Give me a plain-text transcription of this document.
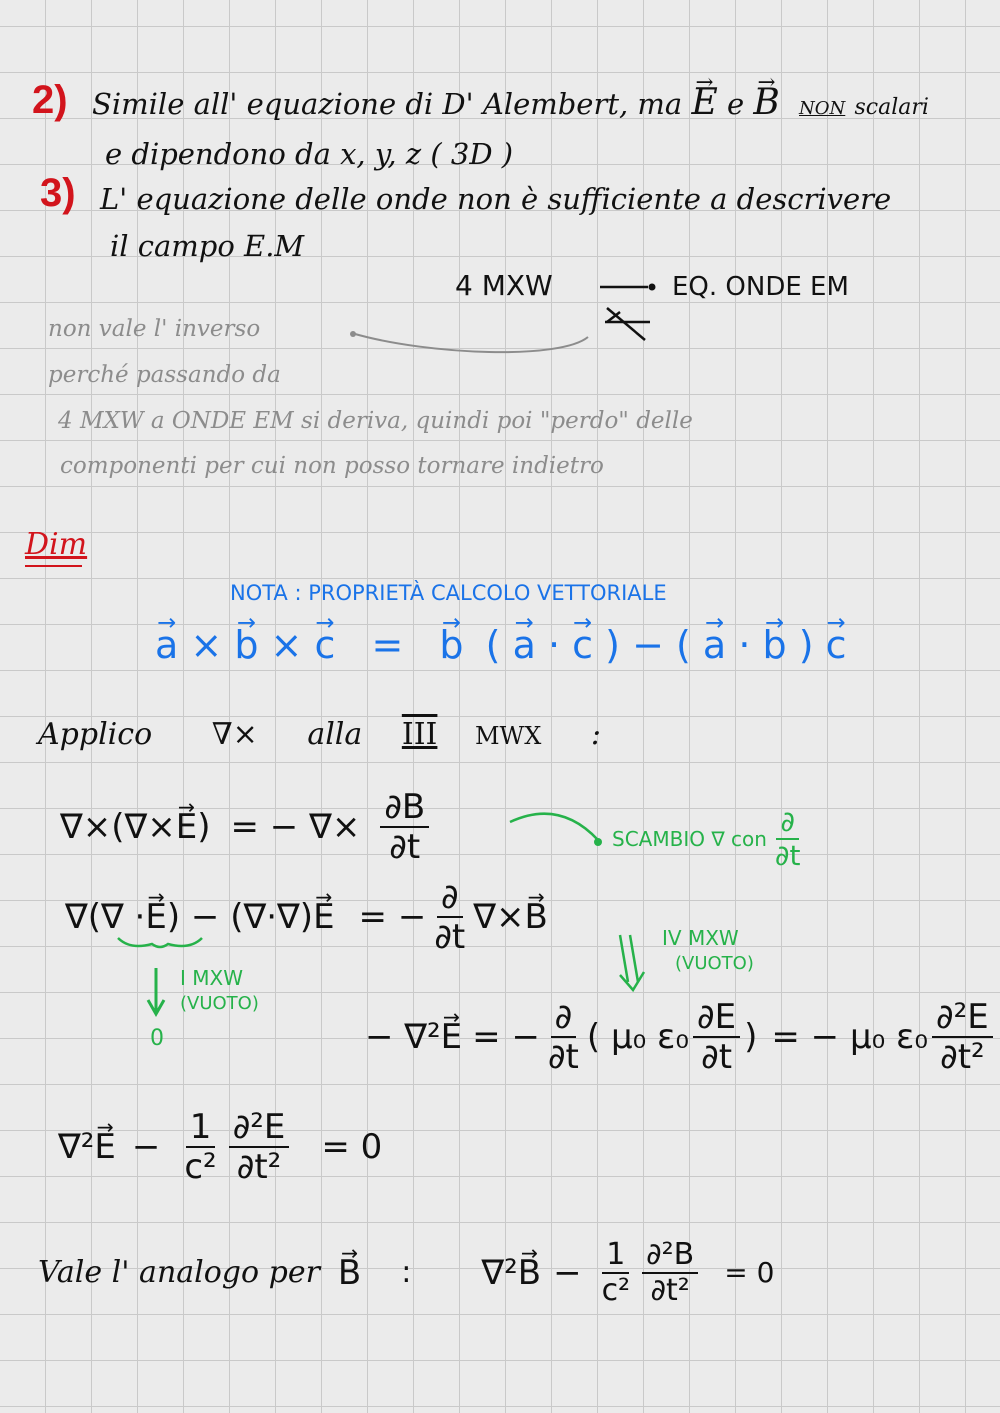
2) Simile all' equazione di D' Alembert, ma → E e → B NON scalari
e dipendono da x, y, z ( 3D )
3) L' equazione delle onde non è sufficiente a descrivere
il campo E.M
4 MXW	EQ. ONDE EM
non vale l' inverso
perché passando da
4 MXW a ONDE EM si deriva, quindi poi "perdo" delle
componenti per cui non posso tornare indietro
Dim
NOTA : PROPRIETÀ CALCOLO VETTORIALE
→ a × → b × → c = → b ( → a · → c ) − ( → a · → b ) → c
Applico ∇× alla III MWX :
∇×(∇× → E ) = − ∇× $\frac{\partial B}{\partial t}$	SCAMBIO ∇ con $\frac{\partial}{\partial t}$
∇(∇ · → E ) − (∇·∇) → E = − $\frac{\partial}{\partial t}$ ∇× → B
I MXW
(VUOTO)
0
IV MXW
(VUOTO)
− ∇² → E = − $\frac{\partial}{\partial t}$ ( μ₀ $\varepsilon_0 \frac{\partial E}{\partial t}$ ) = − μ₀ $\varepsilon_0 \frac{\text{∂²E}}{\text{∂t²}}$
$\nabla^2 \to E - \frac{1}{\text{c²}} \frac{\text{∂²E}}{\text{∂t²}} = 0$
Vale l' analogo per → B : $\nabla^2 \to B - \frac{1}{\text{c²}} \frac{\text{∂²B}}{\text{∂t²}} = 0$
